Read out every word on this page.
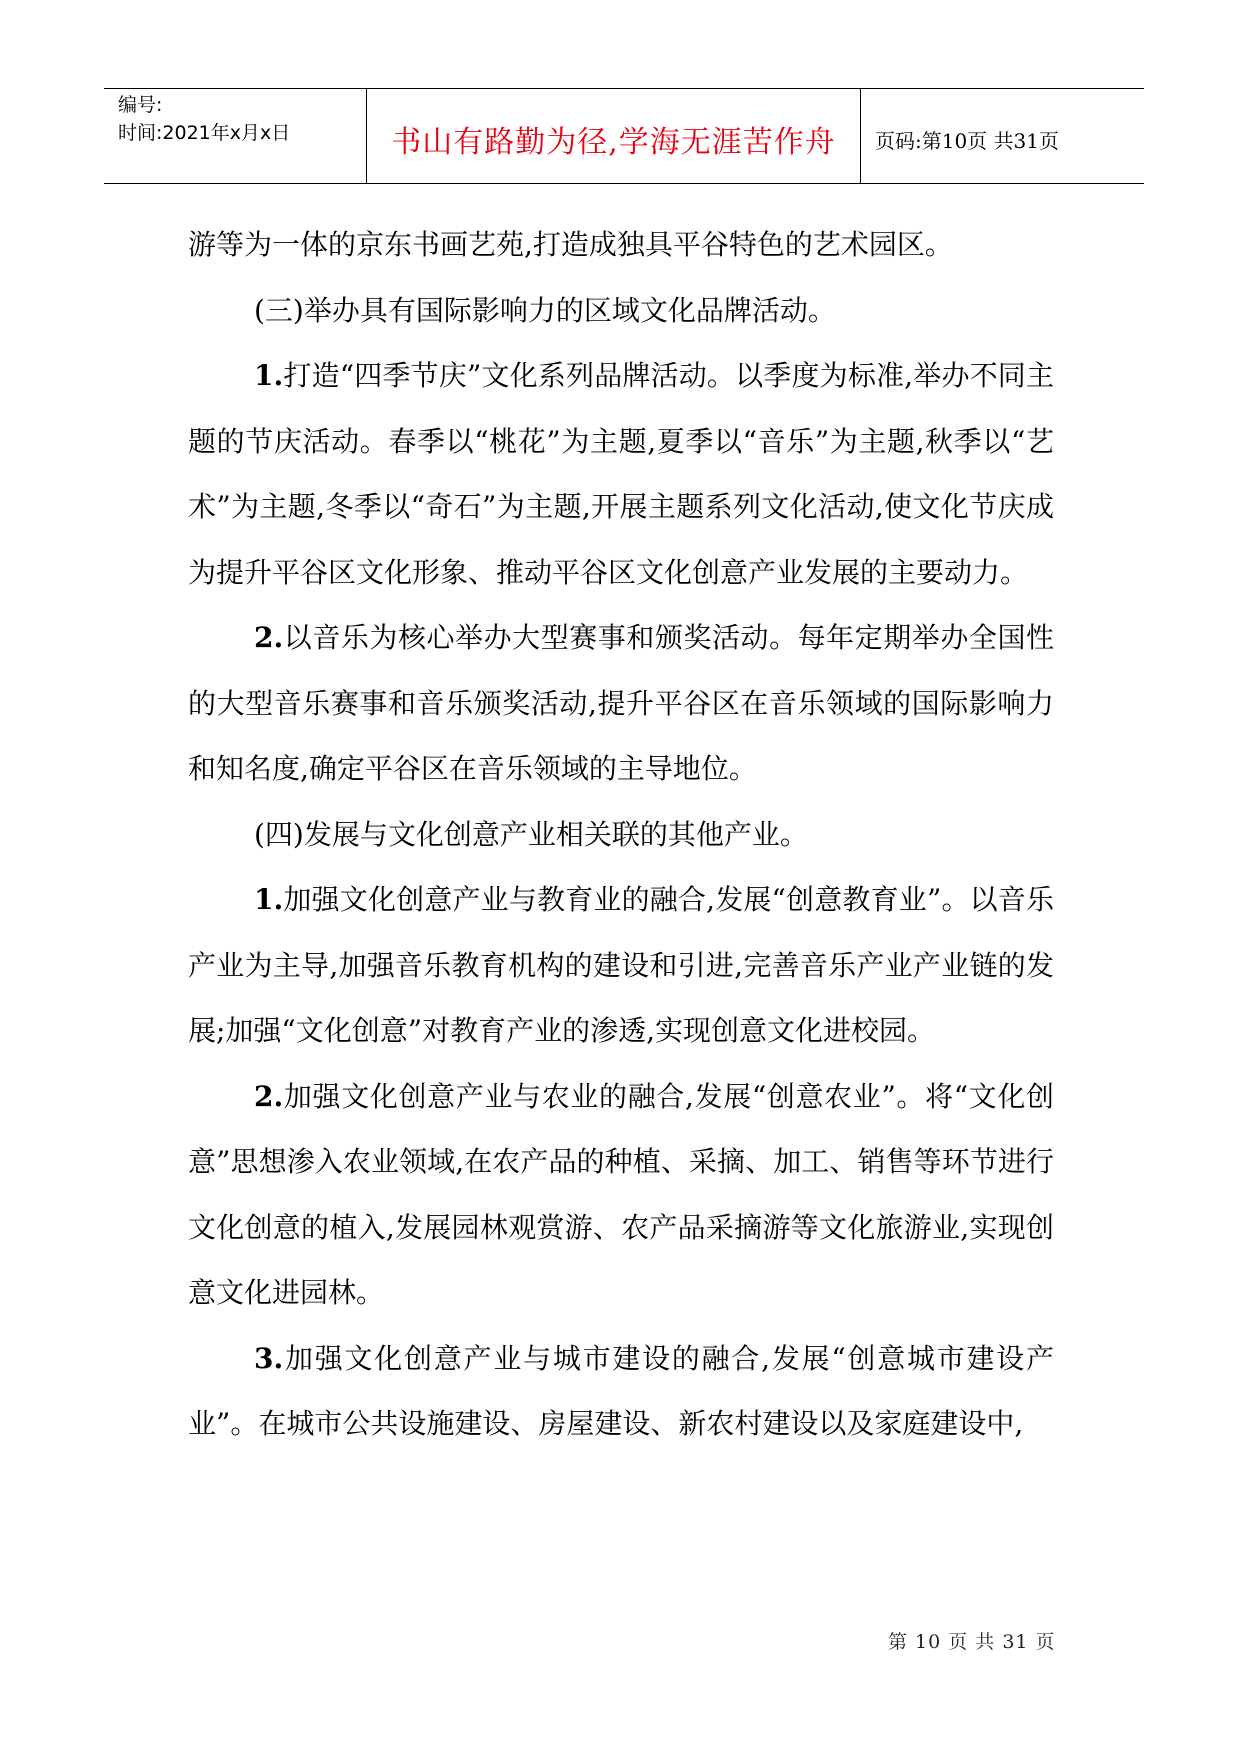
编号:
时间:2021年x月x日	书山有路勤为径,学海无涯苦作舟	页码:第10页 共31页

游等为一体的京东书画艺苑,打造成独具平谷特色的艺术园区。

(三)举办具有国际影响力的区域文化品牌活动。

1.打造“四季节庆”文化系列品牌活动。以季度为标准,举办不同主题的节庆活动。春季以“桃花”为主题,夏季以“音乐”为主题,秋季以“艺术”为主题,冬季以“奇石”为主题,开展主题系列文化活动,使文化节庆成为提升平谷区文化形象、推动平谷区文化创意产业发展的主要动力。

2.以音乐为核心举办大型赛事和颁奖活动。每年定期举办全国性的大型音乐赛事和音乐颁奖活动,提升平谷区在音乐领域的国际影响力和知名度,确定平谷区在音乐领域的主导地位。

(四)发展与文化创意产业相关联的其他产业。

1.加强文化创意产业与教育业的融合,发展“创意教育业”。以音乐产业为主导,加强音乐教育机构的建设和引进,完善音乐产业产业链的发展;加强“文化创意”对教育产业的渗透,实现创意文化进校园。

2.加强文化创意产业与农业的融合,发展“创意农业”。将“文化创意”思想渗入农业领域,在农产品的种植、采摘、加工、销售等环节进行文化创意的植入,发展园林观赏游、农产品采摘游等文化旅游业,实现创意文化进园林。

3.加强文化创意产业与城市建设的融合,发展“创意城市建设产业”。在城市公共设施建设、房屋建设、新农村建设以及家庭建设中,

第 10 页 共 31 页
